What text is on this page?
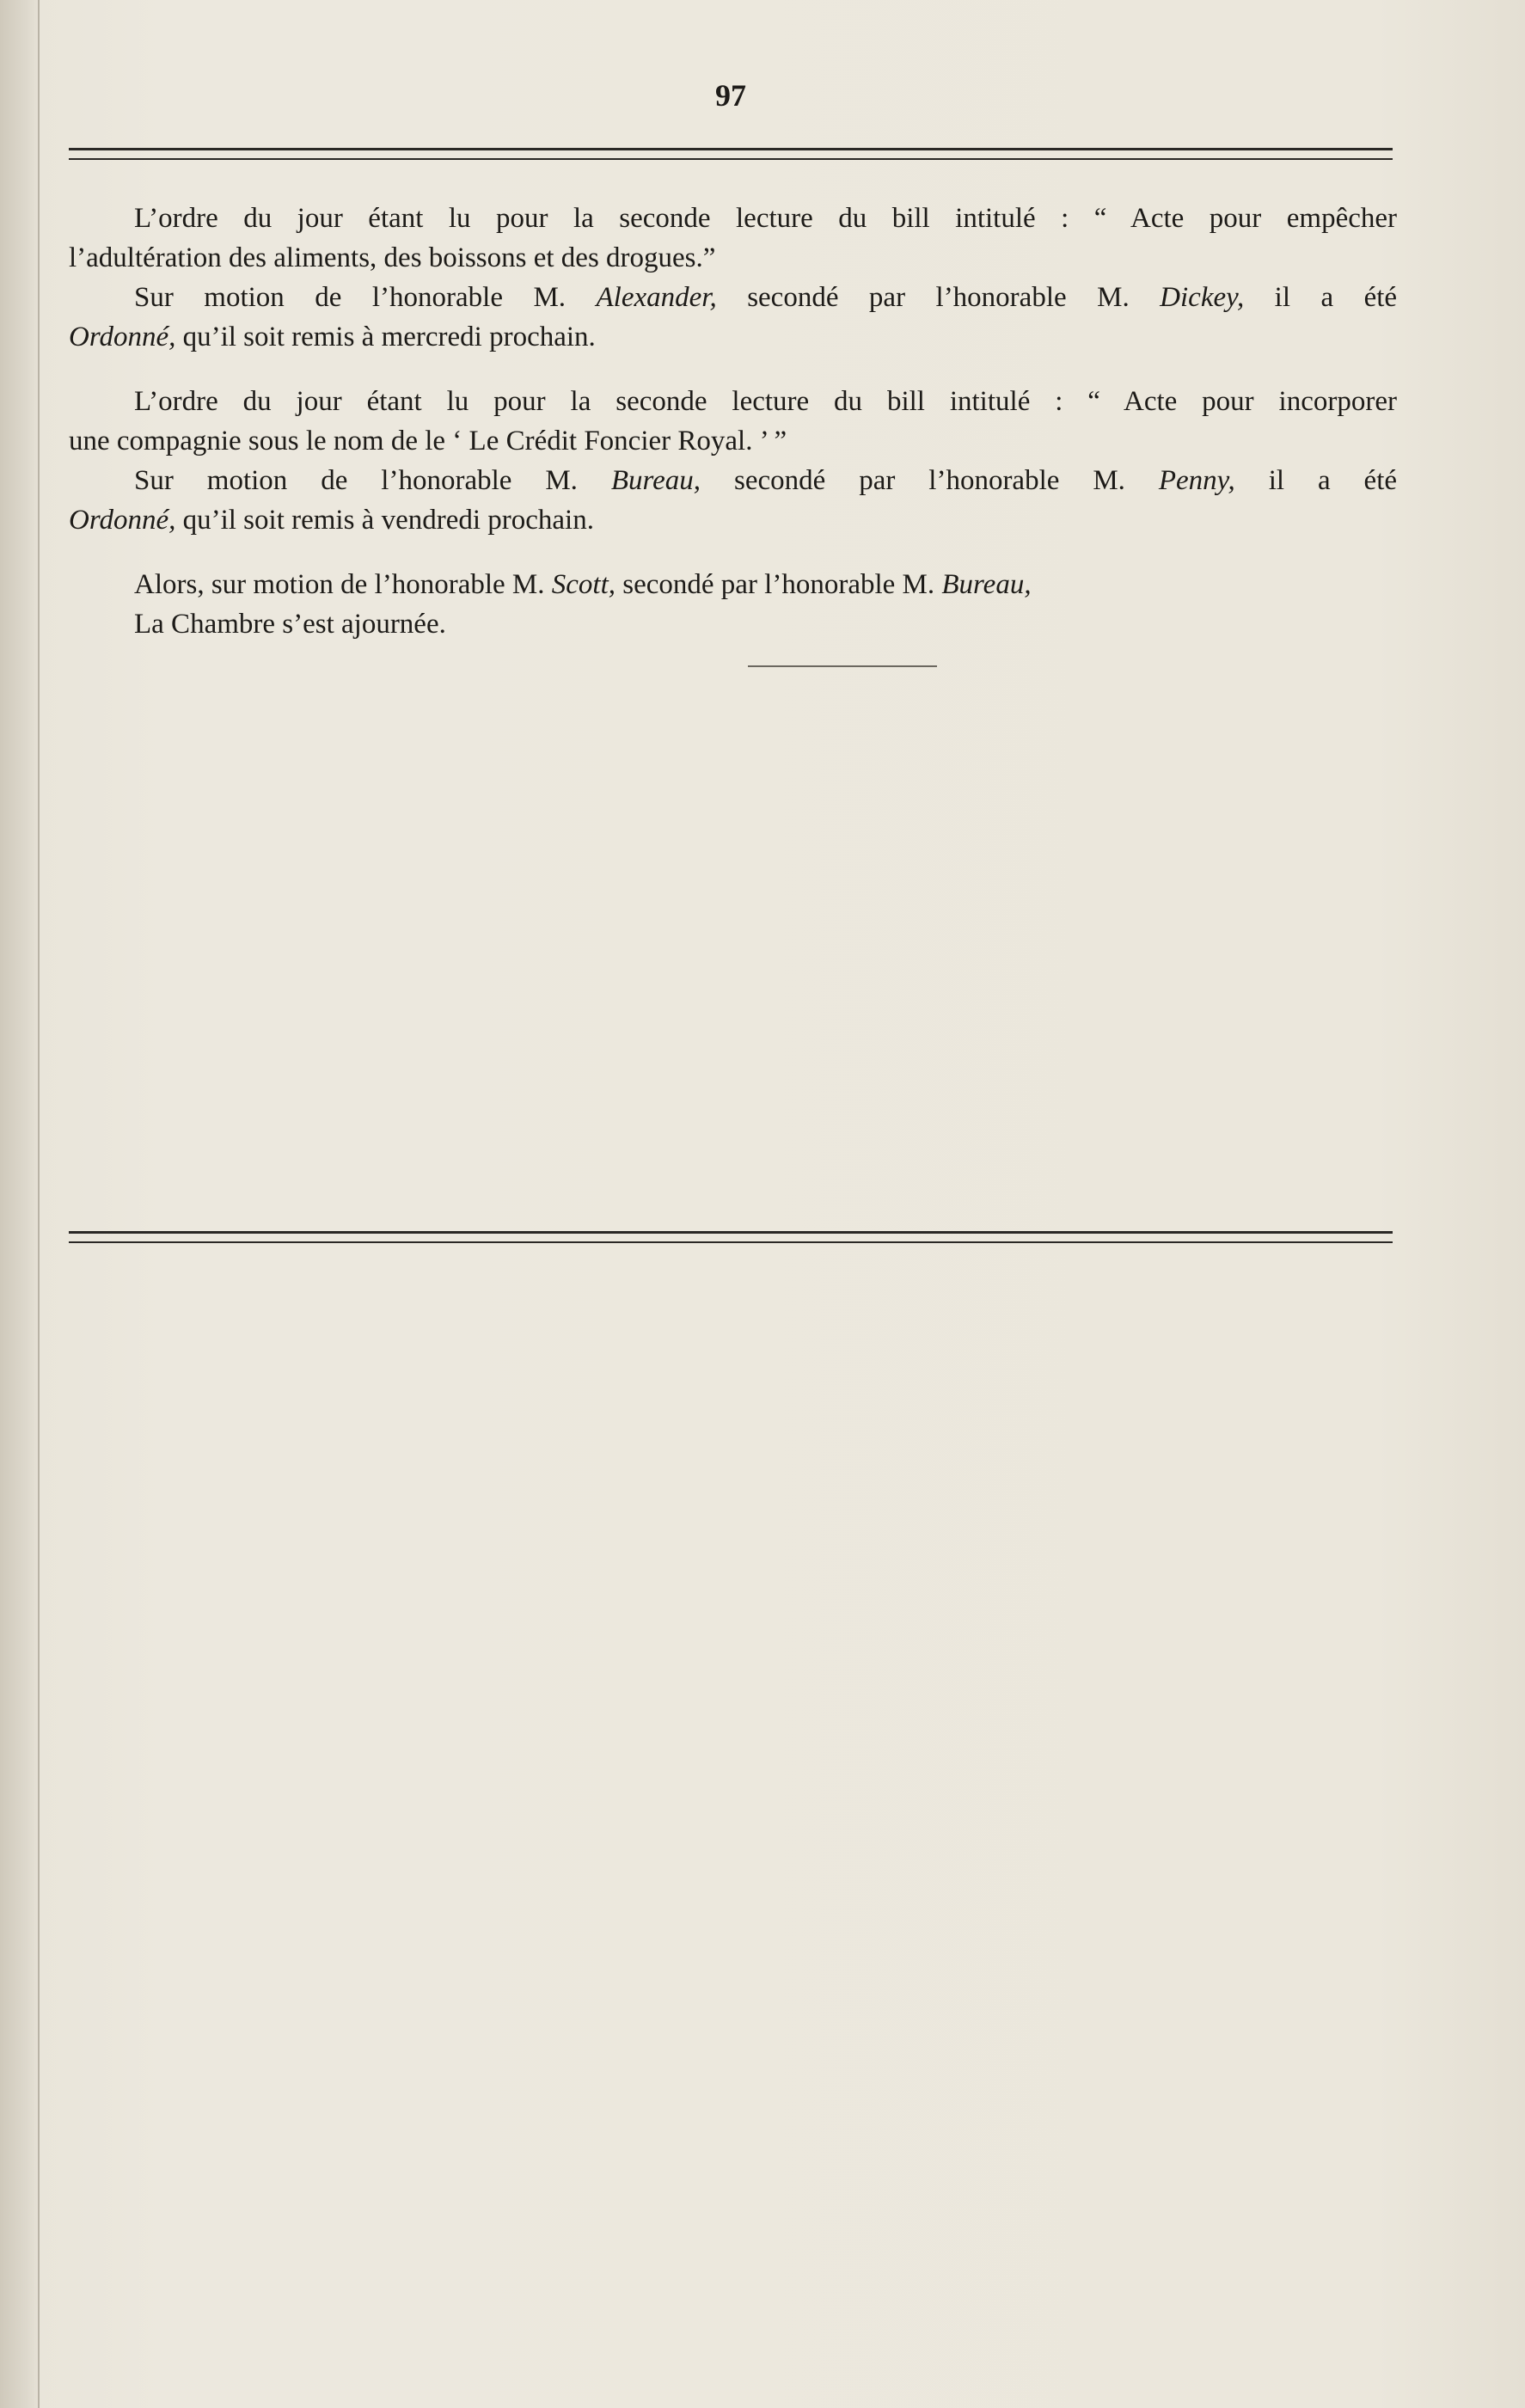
97

L’ordre du jour étant lu pour la seconde lecture du bill intitulé : “ Acte pour empêcher

l’adultération des aliments, des boissons et des drogues.”

Sur motion de l’honorable M. Alexander, secondé par l’honorable M. Dickey, il a été

Ordonné, qu’il soit remis à mercredi prochain.

L’ordre du jour étant lu pour la seconde lecture du bill intitulé : “ Acte pour incorporer

une compagnie sous le nom de le ‘ Le Crédit Foncier Royal. ’ ”

Sur motion de l’honorable M. Bureau, secondé par l’honorable M. Penny, il a été

Ordonné, qu’il soit remis à vendredi prochain.

Alors, sur motion de l’honorable M. Scott, secondé par l’honorable M. Bureau,

La Chambre s’est ajournée.
